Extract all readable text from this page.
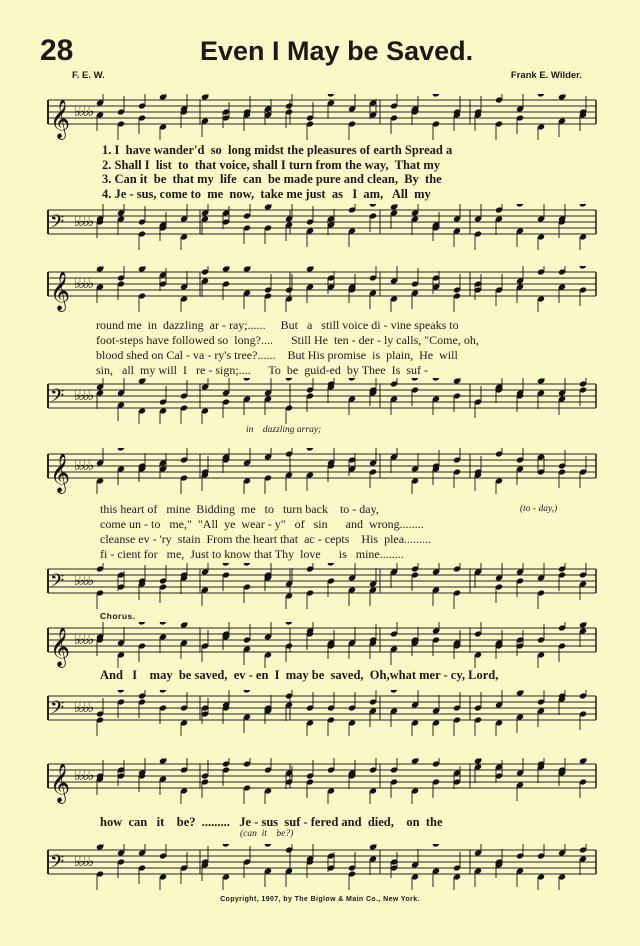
28	Even I May be Saved.
F. E. W.	Frank E. Wilder.
𝄞 ♭♭♭♭
1. I  have wander'd  so  long midst the pleasures of earth Spread a
2. Shall I  list  to  that voice, shall I turn from the way,  That my
3. Can it  be  that my  life  can  be made pure and clean,  By  the
4. Je - sus, come to  me  now,  take me just  as   I  am,   All  my
𝄢 ♭♭♭♭
𝄞 ♭♭♭♭
round me  in  dazzling  ar - ray;......     But   a   still voice di - vine speaks to
foot-steps have followed so  long?....      Still He  ten - der - ly calls, "Come, oh,
blood shed on Cal - va - ry's tree?......    But His promise  is  plain,  He  will
sin,   all  my will  I   re - sign;....      To  be  guid-ed  by Thee  Is  suf -
𝄢 ♭♭♭♭
in    dazzling array;
𝄞 ♭♭♭♭
(to - day,)
this heart of   mine  Bidding  me   to   turn back    to - day,
come un - to   me,"  "All  ye  wear - y"   of   sin      and  wrong........
cleanse ev - 'ry  stain  From the heart that  ac - cepts    His  plea.........
fi - cient for   me,  Just to know that Thy  love      is   mine........
𝄢 ♭♭♭♭
Chorus.
𝄞 ♭♭♭♭
And   I    may  be saved,  ev - en  I  may be  saved,  Oh,what mer - cy, Lord,
𝄢 ♭♭♭♭
𝄞 ♭♭♭♭
how  can   it    be?  .........   Je - sus  suf - fered and  died,    on  the
(can  it    be?)
𝄢 ♭♭♭♭
Copyright, 1907, by The Biglow & Main Co., New York.
